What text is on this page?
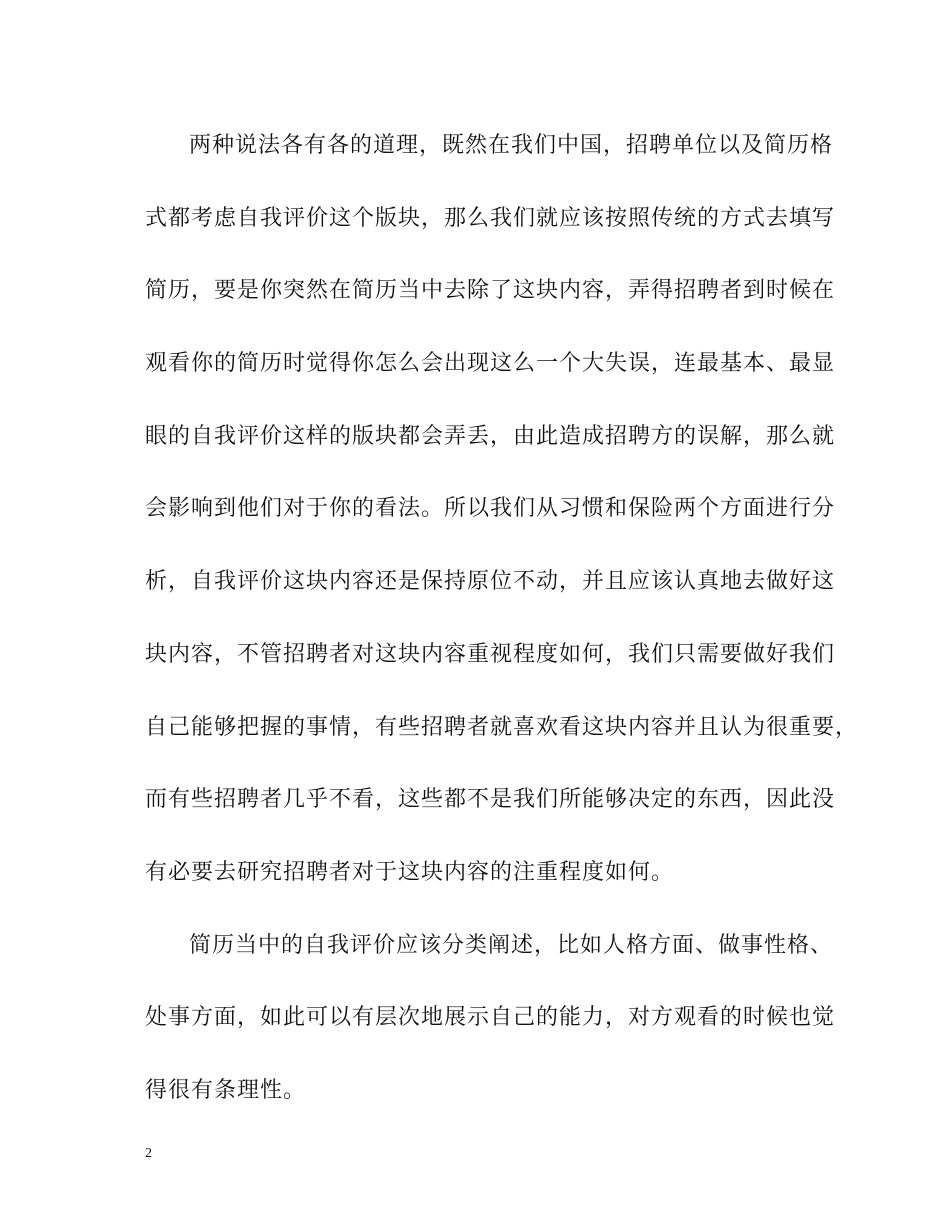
两种说法各有各的道理，既然在我们中国，招聘单位以及简历格
式都考虑自我评价这个版块，那么我们就应该按照传统的方式去填写
简历，要是你突然在简历当中去除了这块内容，弄得招聘者到时候在
观看你的简历时觉得你怎么会出现这么一个大失误，连最基本、最显
眼的自我评价这样的版块都会弄丢，由此造成招聘方的误解，那么就
会影响到他们对于你的看法。所以我们从习惯和保险两个方面进行分
析，自我评价这块内容还是保持原位不动，并且应该认真地去做好这
块内容，不管招聘者对这块内容重视程度如何，我们只需要做好我们
自己能够把握的事情，有些招聘者就喜欢看这块内容并且认为很重要，
而有些招聘者几乎不看，这些都不是我们所能够决定的东西，因此没
有必要去研究招聘者对于这块内容的注重程度如何。
简历当中的自我评价应该分类阐述，比如人格方面、做事性格、
处事方面，如此可以有层次地展示自己的能力，对方观看的时候也觉
得很有条理性。
2
